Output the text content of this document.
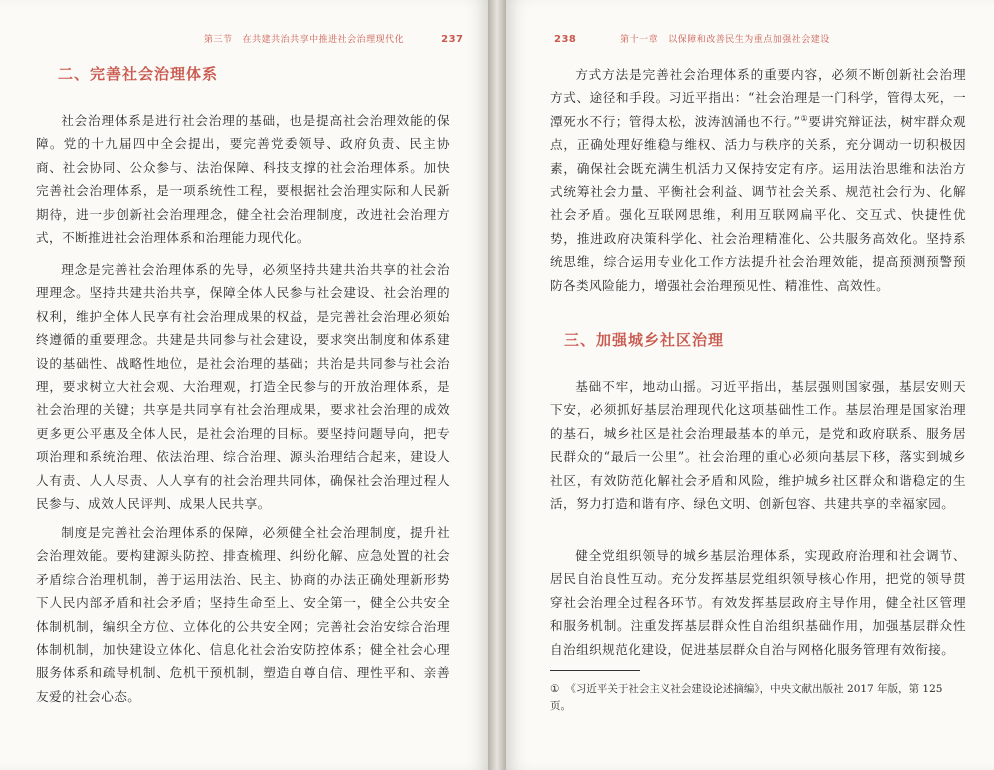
第三节 在共建共治共享中推进社会治理现代化	237
二、完善社会治理体系

社会治理体系是进行社会治理的基础，也是提高社会治理效能的保障。党的十九届四中全会提出，要完善党委领导、政府负责、民主协商、社会协同、公众参与、法治保障、科技支撑的社会治理体系。加快完善社会治理体系，是一项系统性工程，要根据社会治理实际和人民新期待，进一步创新社会治理理念，健全社会治理制度，改进社会治理方式，不断推进社会治理体系和治理能力现代化。

理念是完善社会治理体系的先导，必须坚持共建共治共享的社会治理理念。坚持共建共治共享，保障全体人民参与社会建设、社会治理的权利，维护全体人民享有社会治理成果的权益，是完善社会治理必须始终遵循的重要理念。共建是共同参与社会建设，要求突出制度和体系建设的基础性、战略性地位，是社会治理的基础；共治是共同参与社会治理，要求树立大社会观、大治理观，打造全民参与的开放治理体系，是社会治理的关键；共享是共同享有社会治理成果，要求社会治理的成效更多更公平惠及全体人民，是社会治理的目标。要坚持问题导向，把专项治理和系统治理、依法治理、综合治理、源头治理结合起来，建设人人有责、人人尽责、人人享有的社会治理共同体，确保社会治理过程人民参与、成效人民评判、成果人民共享。

制度是完善社会治理体系的保障，必须健全社会治理制度，提升社会治理效能。要构建源头防控、排查梳理、纠纷化解、应急处置的社会矛盾综合治理机制，善于运用法治、民主、协商的办法正确处理新形势下人民内部矛盾和社会矛盾；坚持生命至上、安全第一，健全公共安全体制机制，编织全方位、立体化的公共安全网；完善社会治安综合治理体制机制，加快建设立体化、信息化社会治安防控体系；健全社会心理服务体系和疏导机制、危机干预机制，塑造自尊自信、理性平和、亲善友爱的社会心态。

238	第十一章 以保障和改善民生为重点加强社会建设

方式方法是完善社会治理体系的重要内容，必须不断创新社会治理方式、途径和手段。习近平指出：“社会治理是一门科学，管得太死，一潭死水不行；管得太松，波涛汹涌也不行。”①要讲究辩证法，树牢群众观点，正确处理好维稳与维权、活力与秩序的关系，充分调动一切积极因素，确保社会既充满生机活力又保持安定有序。运用法治思维和法治方式统筹社会力量、平衡社会利益、调节社会关系、规范社会行为、化解社会矛盾。强化互联网思维，利用互联网扁平化、交互式、快捷性优势，推进政府决策科学化、社会治理精准化、公共服务高效化。坚持系统思维，综合运用专业化工作方法提升社会治理效能，提高预测预警预防各类风险能力，增强社会治理预见性、精准性、高效性。

三、加强城乡社区治理

基础不牢，地动山摇。习近平指出，基层强则国家强，基层安则天下安，必须抓好基层治理现代化这项基础性工作。基层治理是国家治理的基石，城乡社区是社会治理最基本的单元，是党和政府联系、服务居民群众的“最后一公里”。社会治理的重心必须向基层下移，落实到城乡社区，有效防范化解社会矛盾和风险，维护城乡社区群众和谐稳定的生活，努力打造和谐有序、绿色文明、创新包容、共建共享的幸福家园。

健全党组织领导的城乡基层治理体系，实现政府治理和社会调节、居民自治良性互动。充分发挥基层党组织领导核心作用，把党的领导贯穿社会治理全过程各环节。有效发挥基层政府主导作用，健全社区管理和服务机制。注重发挥基层群众性自治组织基础作用，加强基层群众性自治组织规范化建设，促进基层群众自治与网格化服务管理有效衔接。

① 《习近平关于社会主义社会建设论述摘编》，中央文献出版社 2017 年版，第 125 页。
